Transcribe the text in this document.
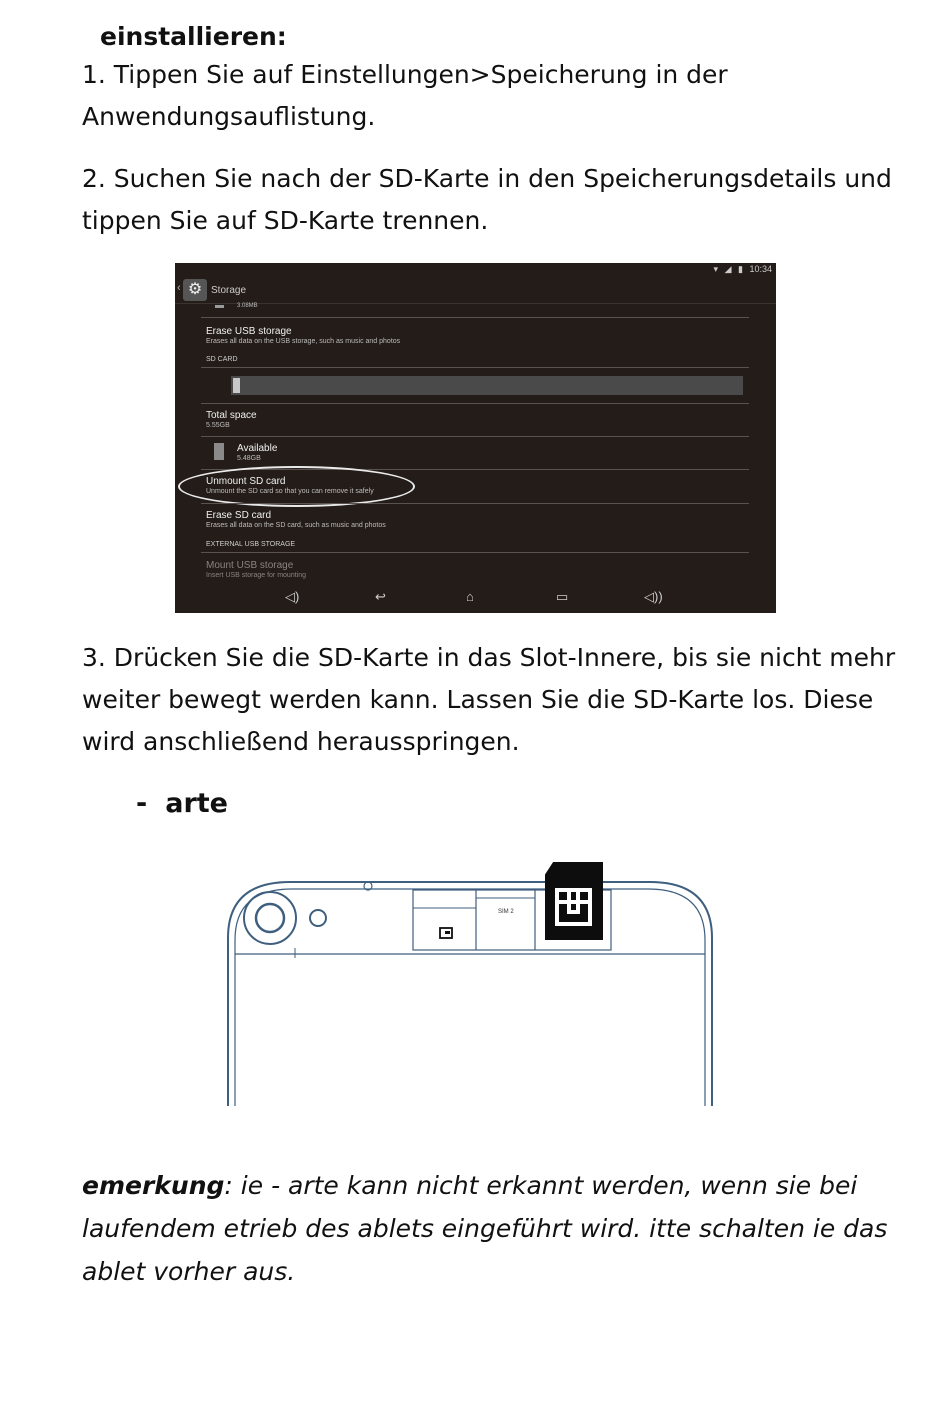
einstallieren:

1. Tippen Sie auf Einstellungen>Speicherung in der Anwendungsauflistung.

2. Suchen Sie nach der SD-Karte in den Speicherungsdetails und tippen Sie auf SD-Karte trennen.

▾ ◢ ▮ 10:34
‹ ⚙ Storage
3.08MB
Erase USB storage
Erases all data on the USB storage, such as music and photos
SD CARD
Total space
5.55GB
Available
5.48GB
Unmount SD card
Unmount the SD card so that you can remove it safely
Erase SD card
Erases all data on the SD card, such as music and photos
EXTERNAL USB STORAGE
Mount USB storage
Insert USB storage for mounting
◁)	↩	⌂	▭	◁))

3. Drücken Sie die SD-Karte in das Slot-Innere, bis sie nicht mehr weiter bewegt werden kann. Lassen Sie die SD-Karte los. Diese wird anschließend herausspringen.

- arte
SIM 2

emerkung: ie - arte kann nicht erkannt werden, wenn sie bei laufendem etrieb des ablets eingeführt wird. itte schalten ie das ablet vorher aus.
